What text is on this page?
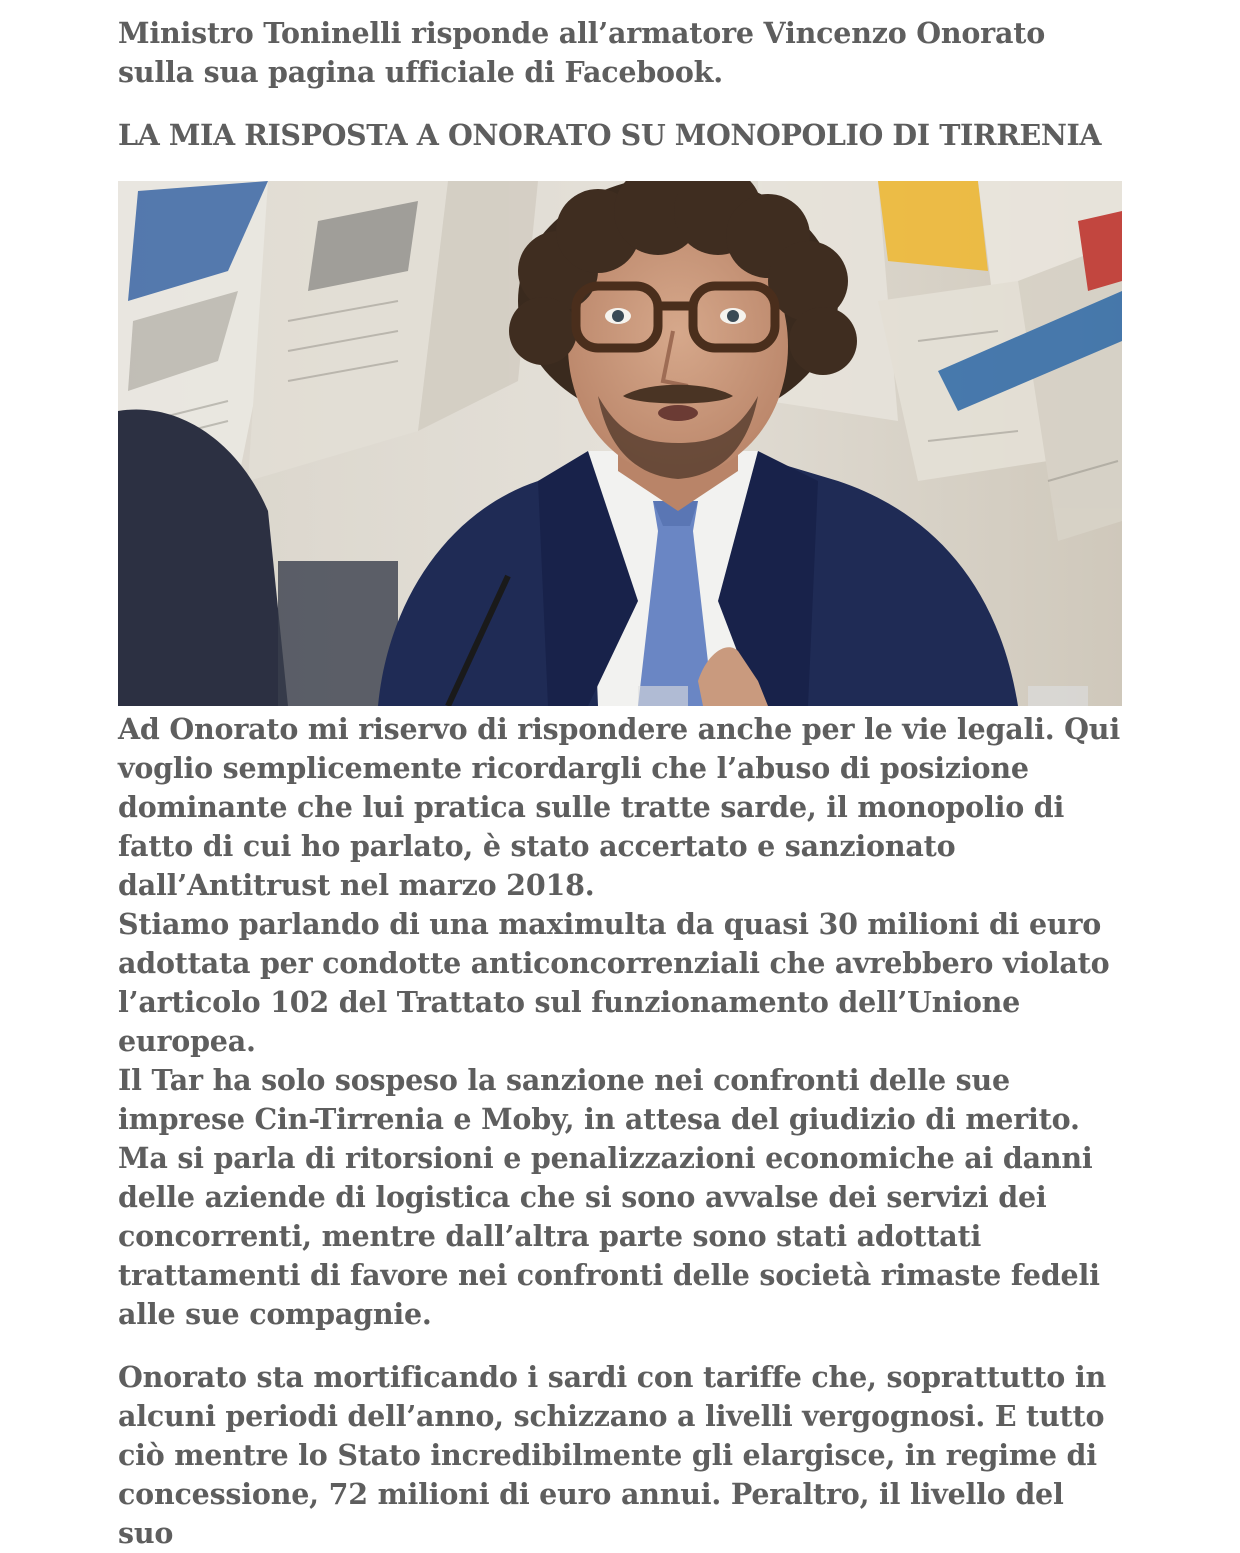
Ministro Toninelli risponde all’armatore Vincenzo Onorato sulla sua pagina ufficiale di Facebook.

LA MIA RISPOSTA A ONORATO SU MONOPOLIO DI TIRRENIA

Ad Onorato mi riservo di rispondere anche per le vie legali. Qui voglio semplicemente ricordargli che l’abuso di posizione dominante che lui pratica sulle tratte sarde, il monopolio di fatto di cui ho parlato, è stato accertato e sanzionato dall’Antitrust nel marzo 2018.

Stiamo parlando di una maximulta da quasi 30 milioni di euro adottata per condotte anticoncorrenziali che avrebbero violato l’articolo 102 del Trattato sul funzionamento dell’Unione europea.

Il Tar ha solo sospeso la sanzione nei confronti delle sue imprese Cin-Tirrenia e Moby, in attesa del giudizio di merito. Ma si parla di ritorsioni e penalizzazioni economiche ai danni delle aziende di logistica che si sono avvalse dei servizi dei concorrenti, mentre dall’altra parte sono stati adottati trattamenti di favore nei confronti delle società rimaste fedeli alle sue compagnie.

Onorato sta mortificando i sardi con tariffe che, soprattutto in alcuni periodi dell’anno, schizzano a livelli vergognosi. E tutto ciò mentre lo Stato incredibilmente gli elargisce, in regime di concessione, 72 milioni di euro annui. Peraltro, il livello del suo
